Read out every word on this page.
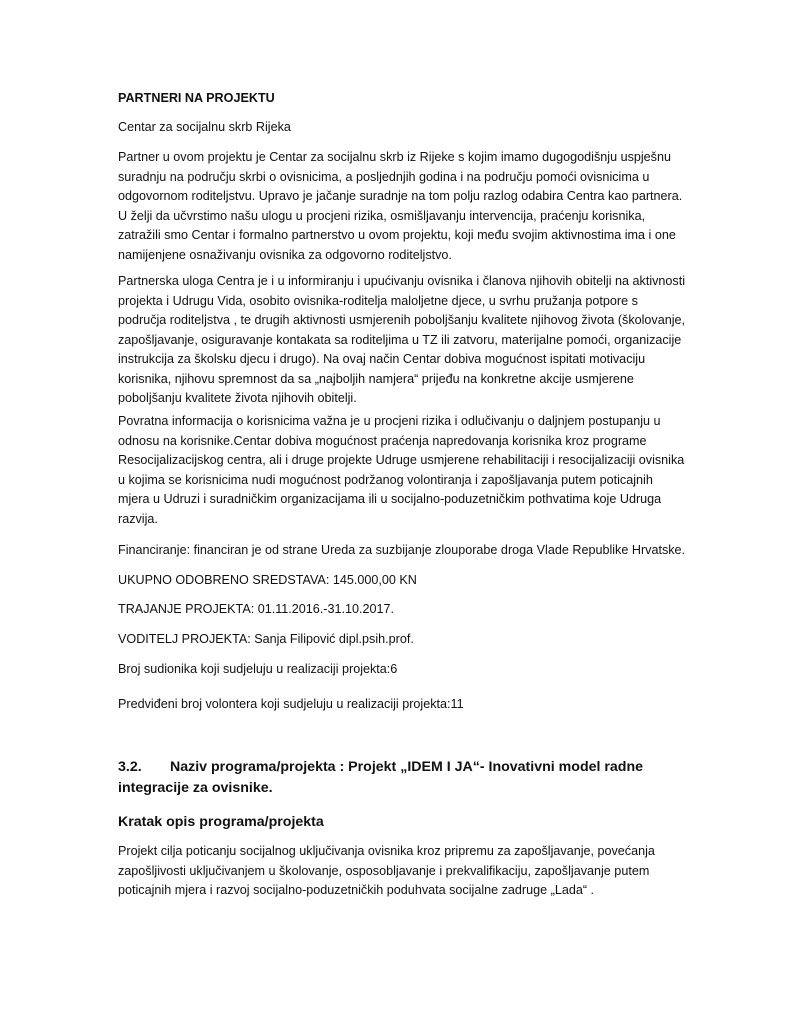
PARTNERI NA PROJEKTU

Centar za socijalnu skrb Rijeka

Partner u ovom projektu je Centar za socijalnu skrb iz Rijeke s kojim imamo dugogodišnju uspješnu suradnju na području skrbi o ovisnicima, a posljednjih godina i na području pomoći ovisnicima u odgovornom roditeljstvu. Upravo je jačanje suradnje na tom polju razlog odabira Centra kao partnera. U želji da učvrstimo našu ulogu u procjeni rizika, osmišljavanju intervencija, praćenju korisnika, zatražili smo Centar i formalno partnerstvo u ovom projektu, koji među svojim aktivnostima ima i one namijenjene osnaživanju ovisnika za odgovorno roditeljstvo.

Partnerska uloga Centra je i u informiranju i upućivanju ovisnika i članova njihovih obitelji na aktivnosti projekta i Udrugu Vida, osobito ovisnika-roditelja maloljetne djece, u svrhu pružanja potpore s područja roditeljstva , te drugih aktivnosti usmjerenih poboljšanju kvalitete njihovog života (školovanje, zapošljavanje, osiguravanje kontakata sa roditeljima u TZ ili zatvoru, materijalne pomoći, organizacije instrukcija za školsku djecu i drugo). Na ovaj način Centar dobiva mogućnost ispitati motivaciju korisnika, njihovu spremnost da sa „najboljih namjera“ prijeđu na konkretne akcije usmjerene poboljšanju kvalitete života njihovih obitelji.

Povratna informacija o korisnicima važna je u procjeni rizika i odlučivanju o daljnjem postupanju u odnosu na korisnike.Centar dobiva mogućnost praćenja napredovanja korisnika kroz programe Resocijalizacijskog centra, ali i druge projekte Udruge usmjerene rehabilitaciji i resocijalizaciji ovisnika u kojima se korisnicima nudi mogućnost podržanog volontiranja i zapošljavanja putem poticajnih mjera u Udruzi i suradničkim organizacijama ili u socijalno-poduzetničkim pothvatima koje Udruga razvija.

Financiranje: financiran je od strane Ureda za suzbijanje zlouporabe droga Vlade Republike Hrvatske.

UKUPNO ODOBRENO SREDSTAVA: 145.000,00 KN

TRAJANJE PROJEKTA: 01.11.2016.-31.10.2017.

VODITELJ PROJEKTA: Sanja Filipović dipl.psih.prof.

Broj sudionika koji sudjeluju u realizaciji projekta:6

Predviđeni broj volontera koji sudjeluju u realizaciji projekta:11

3.2. Naziv programa/projekta : Projekt „IDEM I JA“- Inovativni model radne integracije za ovisnike.

Kratak opis programa/projekta

Projekt cilja poticanju socijalnog uključivanja ovisnika kroz pripremu za zapošljavanje, povećanja zapošljivosti uključivanjem u školovanje, osposobljavanje i prekvalifikaciju, zapošljavanje putem poticajnih mjera i razvoj socijalno-poduzetničkih poduhvata socijalne zadruge „Lada“ .
